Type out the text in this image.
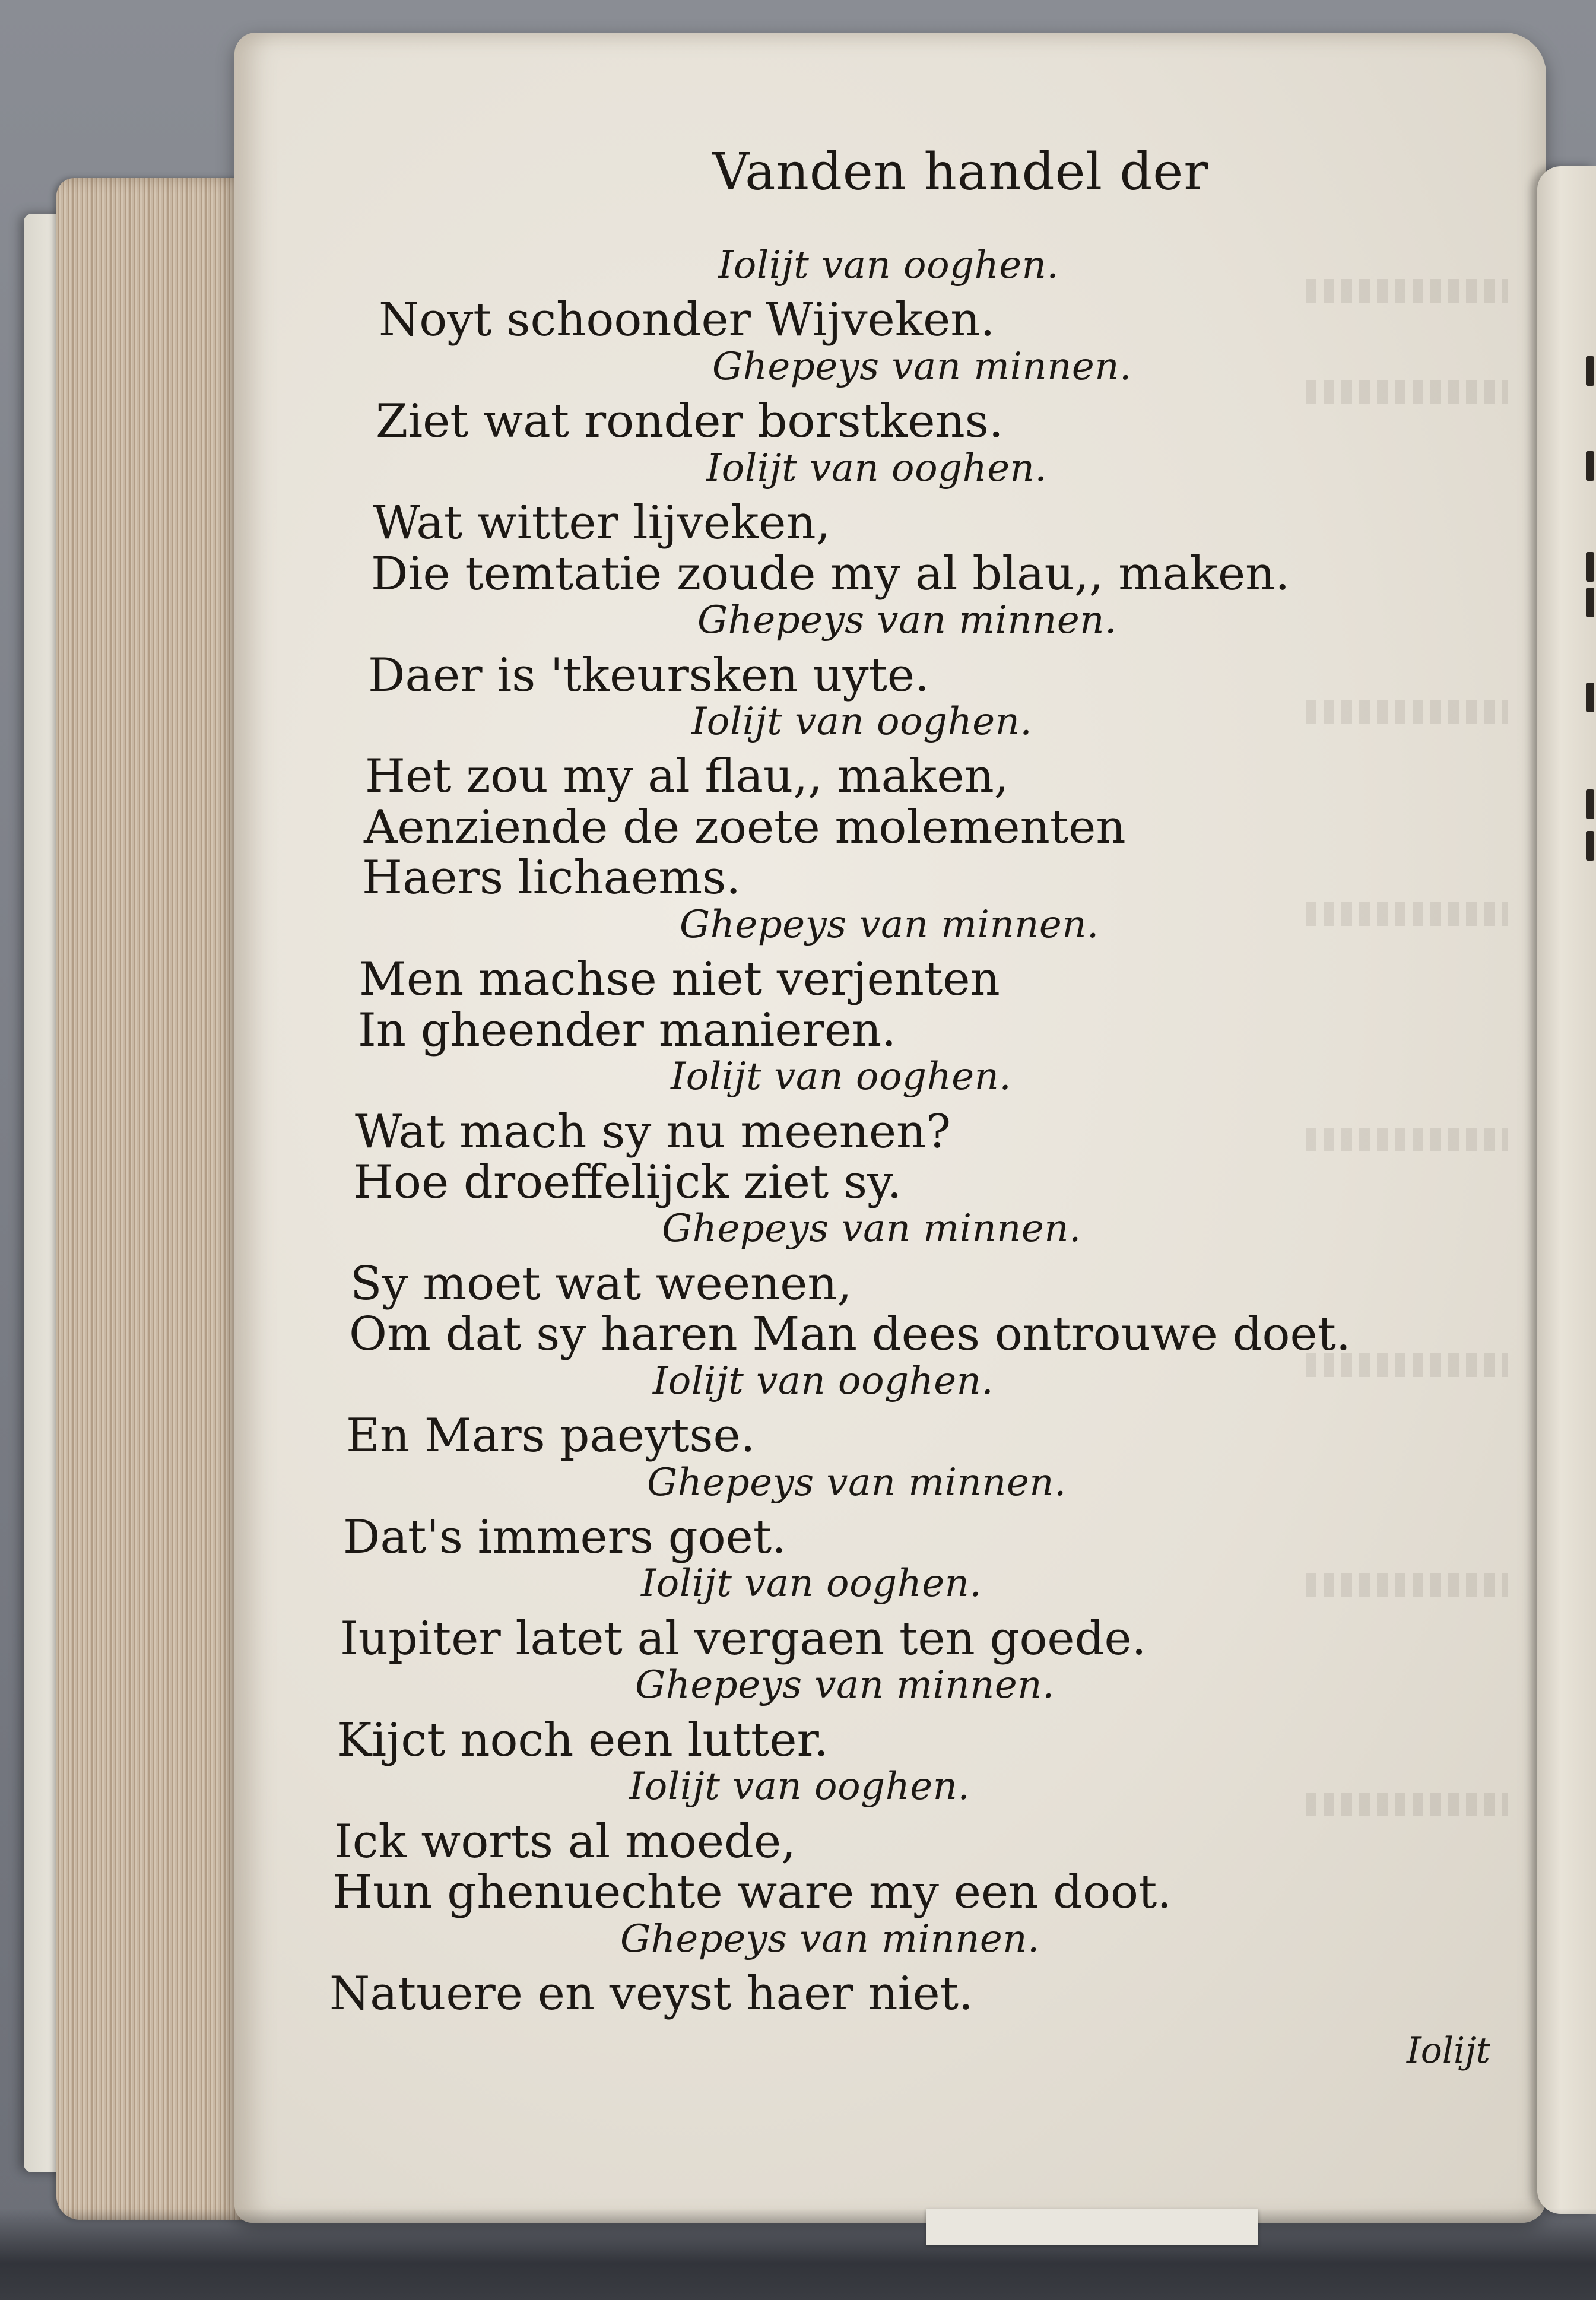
Vanden handel der
Iolijt van ooghen.
Noyt schoonder Wijveken.
Ghepeys van minnen.
Ziet wat ronder borstkens.
Iolijt van ooghen.
Wat witter lijveken,
Die temtatie zoude my al blau,, maken.
Ghepeys van minnen.
Daer is 'tkeursken uyte.
Iolijt van ooghen.
Het zou my al flau,, maken,
Aenziende de zoete molementen
Haers lichaems.
Ghepeys van minnen.
Men machse niet verjenten
In gheender manieren.
Iolijt van ooghen.
Wat mach sy nu meenen?
Hoe droeffelijck ziet sy.
Ghepeys van minnen.
Sy moet wat weenen,
Om dat sy haren Man dees ontrouwe doet.
Iolijt van ooghen.
En Mars paeytse.
Ghepeys van minnen.
Dat's immers goet.
Iolijt van ooghen.
Iupiter latet al vergaen ten goede.
Ghepeys van minnen.
Kijct noch een lutter.
Iolijt van ooghen.
Ick worts al moede,
Hun ghenuechte ware my een doot.
Ghepeys van minnen.
Natuere en veyst haer niet.
Iolijt
